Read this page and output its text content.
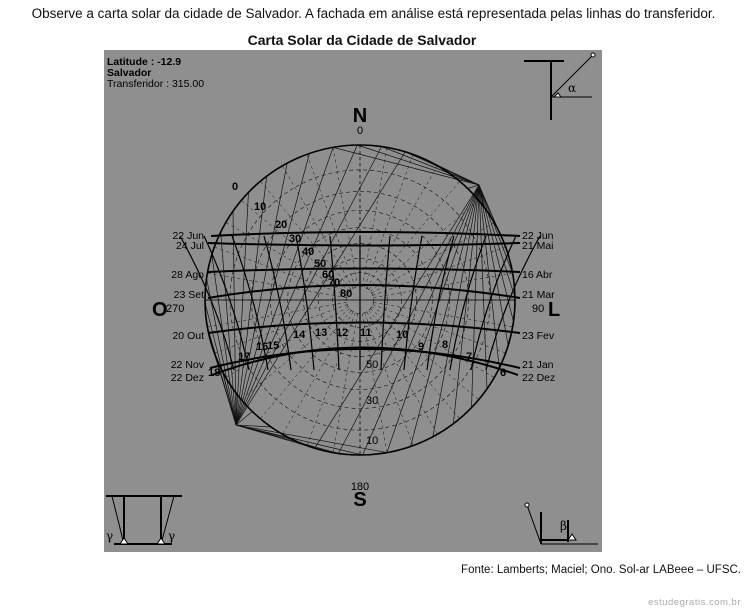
Observe a carta solar da cidade de Salvador. A fachada em análise está representada pelas linhas do transferidor.
Carta Solar da Cidade de Salvador
Latitude : -12.9
Salvador
Transferidor : 315.00
N
0
180
S
O
270	90 L
0
10
20
30
40
50
60
70
80
50
30
10
22 Jun
24 Jul
28 Ago
23 Set
20 Out
22 Nov
22 Dez
22 Jun
21 Mai
16 Abr
21 Mar
23 Fev
21 Jan
22 Dez
18
17
16
15
14 13 12 11 10
9 8
7
6
α
γ	γ
β
Fonte: Lamberts; Maciel; Ono. Sol-ar LABeee – UFSC.
estudegratis.com.br
